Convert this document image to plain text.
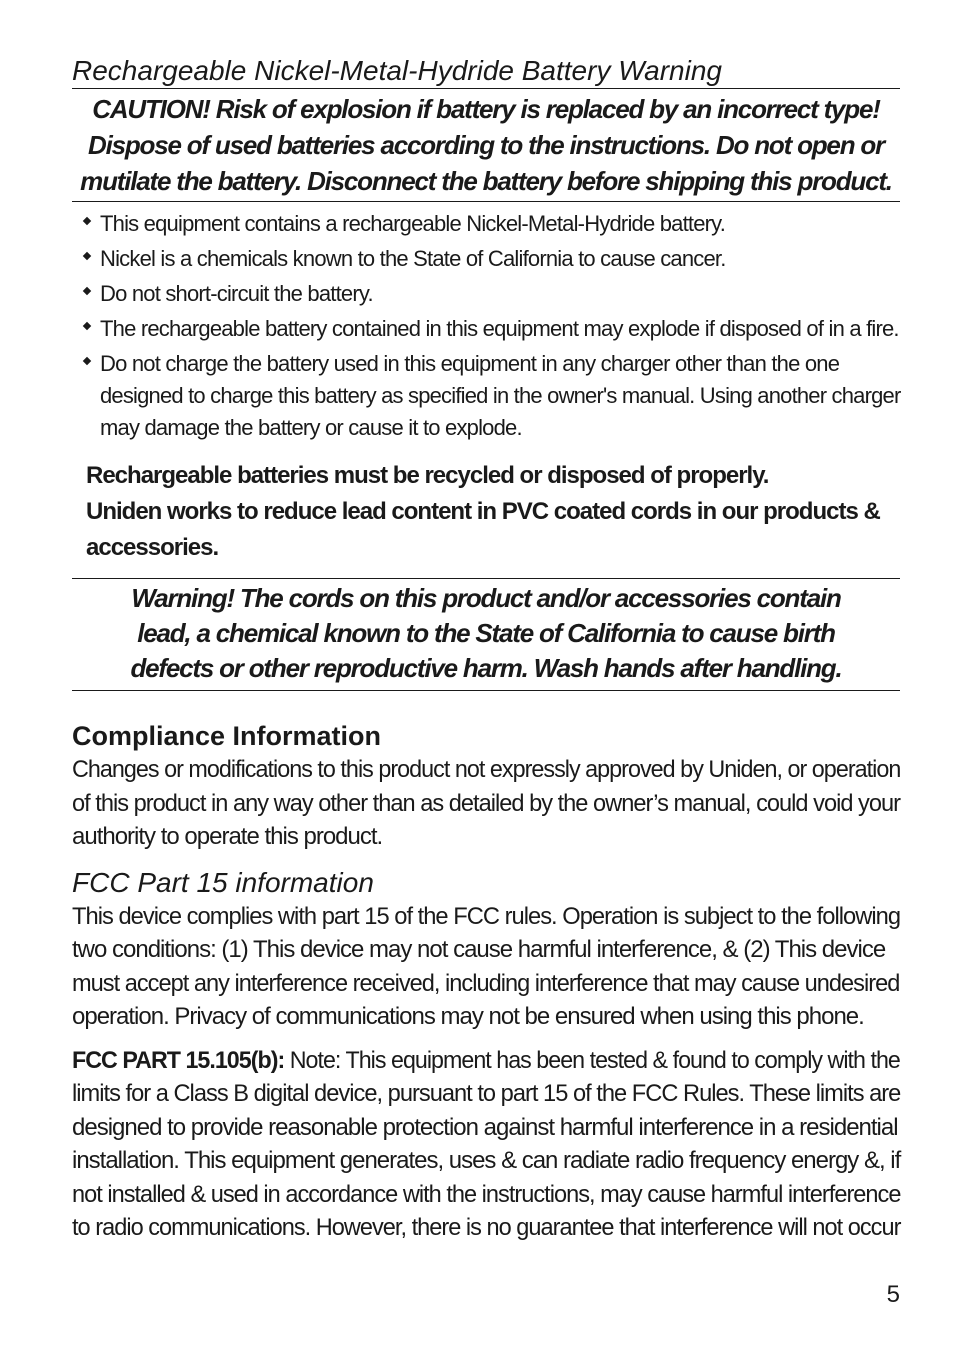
Rechargeable Nickel-Metal-Hydride Battery Warning
CAUTION! Risk of explosion if battery is replaced by an incorrect type!
Dispose of used batteries according to the instructions. Do not open or
mutilate the battery. Disconnect the battery before shipping this product.
This equipment contains a rechargeable Nickel-Metal-Hydride battery.
Nickel is a chemicals known to the State of California to cause cancer.
Do not short-circuit the battery.
The rechargeable battery contained in this equipment may explode if disposed of in a fire.
Do not charge the battery used in this equipment in any charger other than the one
designed to charge this battery as specified in the owner's manual. Using another charger
may damage the battery or cause it to explode.
Rechargeable batteries must be recycled or disposed of properly.
Uniden works to reduce lead content in PVC coated cords in our products &
accessories.
Warning! The cords on this product and/or accessories contain
lead, a chemical known to the State of California to cause birth
defects or other reproductive harm. Wash hands after handling.
Compliance Information
Changes or modifications to this product not expressly approved by Uniden, or operation
of this product in any way other than as detailed by the owner’s manual, could void your
authority to operate this product.
FCC Part 15 information
This device complies with part 15 of the FCC rules. Operation is subject to the following
two conditions: (1) This device may not cause harmful interference, & (2) This device
must accept any interference received, including interference that may cause undesired
operation. Privacy of communications may not be ensured when using this phone.
FCC PART 15.105(b): Note: This equipment has been tested & found to comply with the
limits for a Class B digital device, pursuant to part 15 of the FCC Rules. These limits are
designed to provide reasonable protection against harmful interference in a residential
installation. This equipment generates, uses & can radiate radio frequency energy &, if
not installed & used in accordance with the instructions, may cause harmful interference
to radio communications. However, there is no guarantee that interference will not occur
5
